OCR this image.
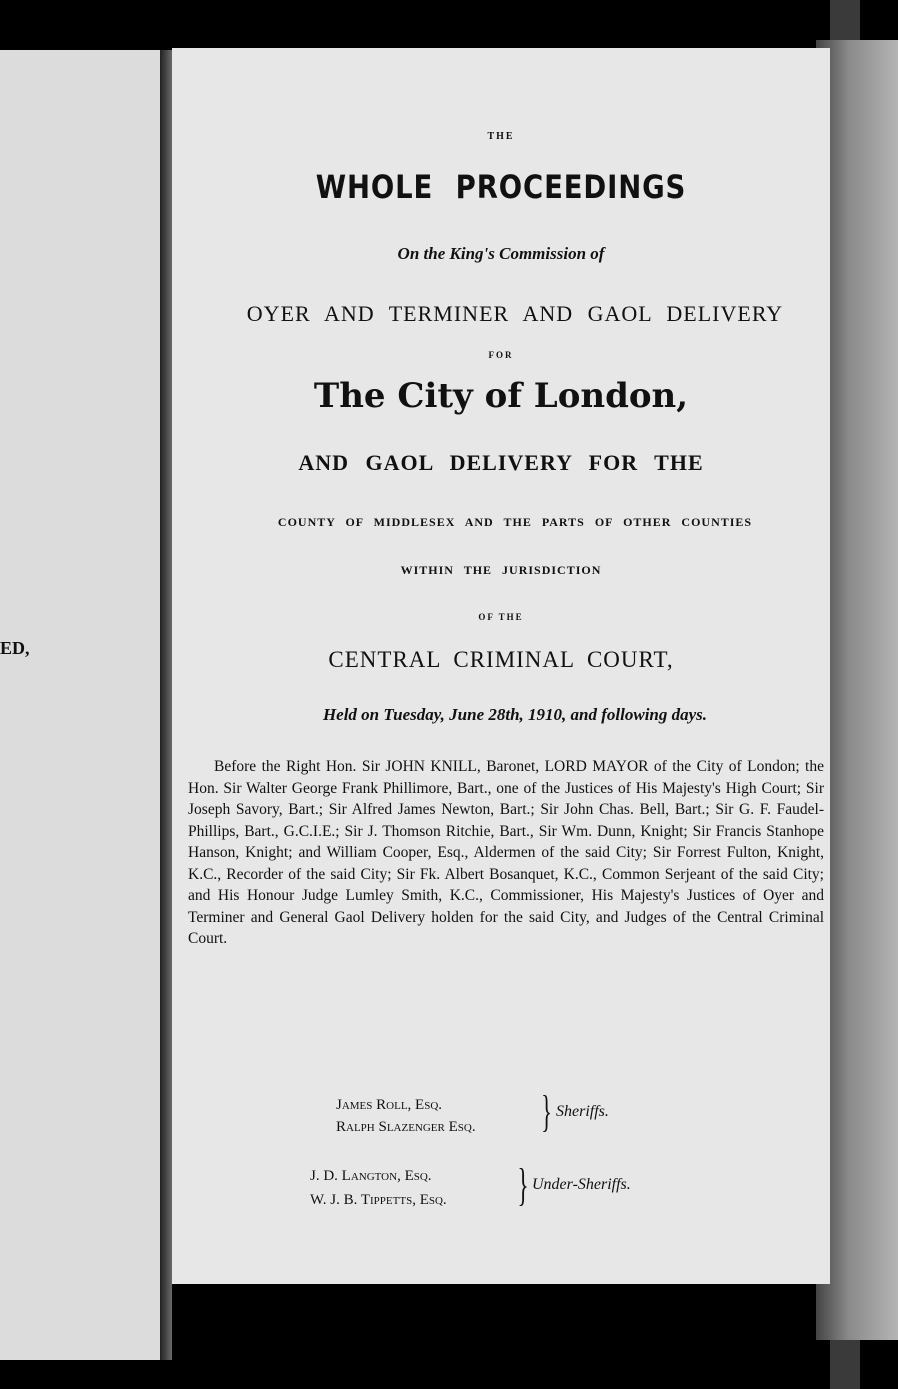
ED,
THE
WHOLE PROCEEDINGS
On the King's Commission of
OYER AND TERMINER AND GAOL DELIVERY
FOR
The City of London,
AND GAOL DELIVERY FOR THE
COUNTY OF MIDDLESEX AND THE PARTS OF OTHER COUNTIES
WITHIN THE JURISDICTION
OF THE
CENTRAL CRIMINAL COURT,
Held on Tuesday, June 28th, 1910, and following days.
Before the Right Hon. Sir JOHN KNILL, Baronet, LORD MAYOR of the City of London; the Hon. Sir Walter George Frank Phillimore, Bart., one of the Justices of His Majesty's High Court; Sir Joseph Savory, Bart.; Sir Alfred James Newton, Bart.; Sir John Chas. Bell, Bart.; Sir G. F. Faudel-Phillips, Bart., G.C.I.E.; Sir J. Thomson Ritchie, Bart., Sir Wm. Dunn, Knight; Sir Francis Stanhope Hanson, Knight; and William Cooper, Esq., Aldermen of the said City; Sir Forrest Fulton, Knight, K.C., Recorder of the said City; Sir Fk. Albert Bosanquet, K.C., Common Serjeant of the said City; and His Honour Judge Lumley Smith, K.C., Commissioner, His Majesty's Justices of Oyer and Terminer and General Gaol Delivery holden for the said City, and Judges of the Central Criminal Court.
James Roll, Esq.
Ralph Slazenger Esq. } Sheriffs.
J. D. Langton, Esq.
W. J. B. Tippetts, Esq. } Under-Sheriffs.
